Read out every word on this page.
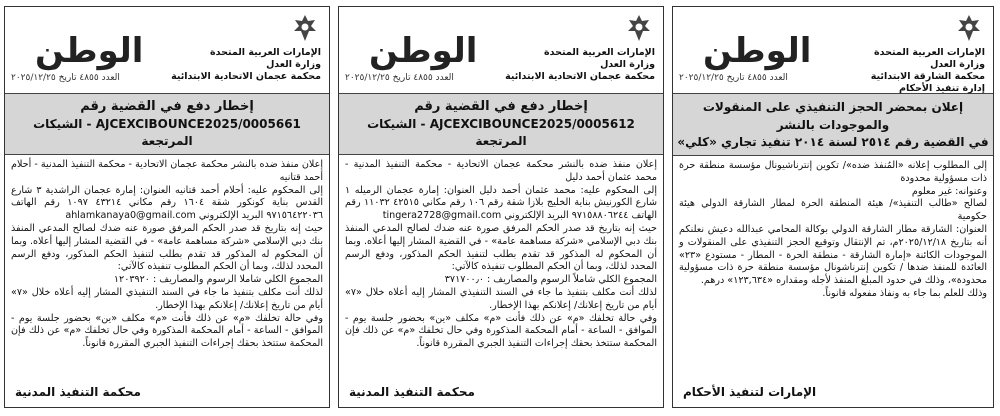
الوطن
العدد ٤٨٥٥ تاريخ ٢٠٢٥/١٢/٢٥
الإمارات العربية المتحدة
وزارة العدل
محكمة الشارقة الابتدائية
إدارة تنفيذ الأحكام
إعلان بمحضر الحجز التنفيذي على المنقولات والموجودات بالنشر
في القضية رقم ٢٥١٤ لسنة ٢٠١٤ تنفيذ تجاري «كلي»

إلى المطلوب إعلانه «المُنفذ ضده»/ تكوين إنترناشيونال مؤسسة منطقة حرة ذات مسؤولية محدودة

وعنوانه: غير معلوم

لصالح «طالب التنفيذ»/ هيئة المنطقة الحرة لمطار الشارقة الدولي هيئة حكومية

العنوان: الشارقة مطار الشارقة الدولي بوكالة المحامي عبدالله دعيش نعلنكم أنه بتاريخ ٢٠٢٥/١٢/١٨م، تم الإنتقال وتوقيع الحجز التنفيذي على المنقولات و الموجودات الكائنة «إمارة الشارقة - منطقة الحرة - المطار - مستودع «٢٣» العائدة للمنفذ ضدها / تكوين إنترناشونال مؤسسة منطقة حرة ذات مسؤولية محدودة»، وذلك في حدود المبلغ المنفذ لأجله ومقداره «١٢٣,٦٣٤» درهم.

وذلك للعلم بما جاء به ونفاذ مفعوله قانوناً.

الإمارات لتنفيذ الأحكام
الوطن
العدد ٤٨٥٥ تاريخ ٢٠٢٥/١٢/٢٥
الإمارات العربية المتحدة
وزارة العدل
محكمة عجمان الاتحادية الابتدائية
إخطار دفع في القضية رقم
AJCEXCIBOUNCE2025/0005612 - الشيكات المرتجعة

إعلان منفذ ضده بالنشر محكمة عجمان الاتحادية - محكمة التنفيذ المدنية - محمد عثمان أحمد دليل

إلى المحكوم عليه: محمد عثمان أحمد دليل العنوان: إمارة عجمان الرميله ١ شارع الكورنيش بناية الخليج بلازا شقة رقم ١٠٦ رقم مكاني ٤٢٥١٥ ١١٠٣٢ رقم الهاتف ٩٧١٥٨٨٠٦٢٤٤ البريد الإلكتروني tingera2728@gmail.com

حيث إنه بتاريخ قد صدر الحكم المرفق صورة عنه ضدك لصالح المدعي المنفذ بنك دبي الإسلامي «شركة مساهمة عامة» - في القضية المشار إليها أعلاه. وبما أن المحكوم له المذكور قد تقدم بطلب لتنفيذ الحكم المذكور، ودفع الرسم المحدد لذلك، وبما أن الحكم المطلوب تنفيذه كالآتي:

المجموع الكلي شاملاً الرسوم والمصاريف : ٣٧١٧٠٠٫٠

لذلك أنت مكلف بتنفيذ ما جاء في السند التنفيذي المشار إليه أعلاه خلال «٧» أيام من تاريخ إعلانك/ إعلانكم بهذا الإخطار.

وفي حالة تخلفك «م» عن ذلك فأنت «م» مكلف «ين» بحضور جلسة يوم - الموافق - الساعة - أمام المحكمة المذكورة وفي حال تخلفك «م» عن ذلك فإن المحكمة ستتخذ بحقك إجراءات التنفيذ الجبري المقررة قانوناً.

محكمة التنفيذ المدنية
الوطن
العدد ٤٨٥٥ تاريخ ٢٠٢٥/١٢/٢٥
الإمارات العربية المتحدة
وزارة العدل
محكمة عجمان الاتحادية الابتدائية
إخطار دفع في القضية رقم
AJCEXCIBOUNCE2025/0005661 - الشيكات المرتجعة

إعلان منفذ ضده بالنشر محكمة عجمان الاتحادية - محكمة التنفيذ المدنية - أحلام أحمد قتانيه

إلى المحكوم عليه: أحلام أحمد قتانيه العنوان: إمارة عجمان الراشدية ٣ شارع القدس بناية كونكور شقة ١٦٠٤ رقم مكاني ٤٣٢١٤ ١٠٩٧ رقم الهاتف ٩٧١٥٦٤٢٢٠٣٦ البريد الإلكتروني ahlamkanaya0@gmail.com

حيث إنه بتاريخ قد صدر الحكم المرفق صورة عنه ضدك لصالح المدعي المنفذ بنك دبي الإسلامي «شركة مساهمة عامة» - في القضية المشار إليها أعلاه. وبما أن المحكوم له المذكور قد تقدم بطلب لتنفيذ الحكم المذكور، ودفع الرسم المحدد لذلك، وبما أن الحكم المطلوب تنفيذه كالآتي:

المجموع الكلي شاملا الرسوم والمصاريف : ١٢٠٣٩٢٠

لذلك أنت مكلف بتنفيذ ما جاء في السند التنفيذي المشار إليه أعلاه خلال «٧» أيام من تاريخ إعلانك/ إعلانكم بهذا الإخطار.

وفي حالة تخلفك «م» عن ذلك فأنت «م» مكلف «ين» بحضور جلسة يوم - الموافق - الساعة - أمام المحكمة المذكورة وفي حال تخلفك «م» عن ذلك فإن المحكمة ستتخذ بحقك إجراءات التنفيذ الجبري المقررة قانوناً.

محكمة التنفيذ المدنية
